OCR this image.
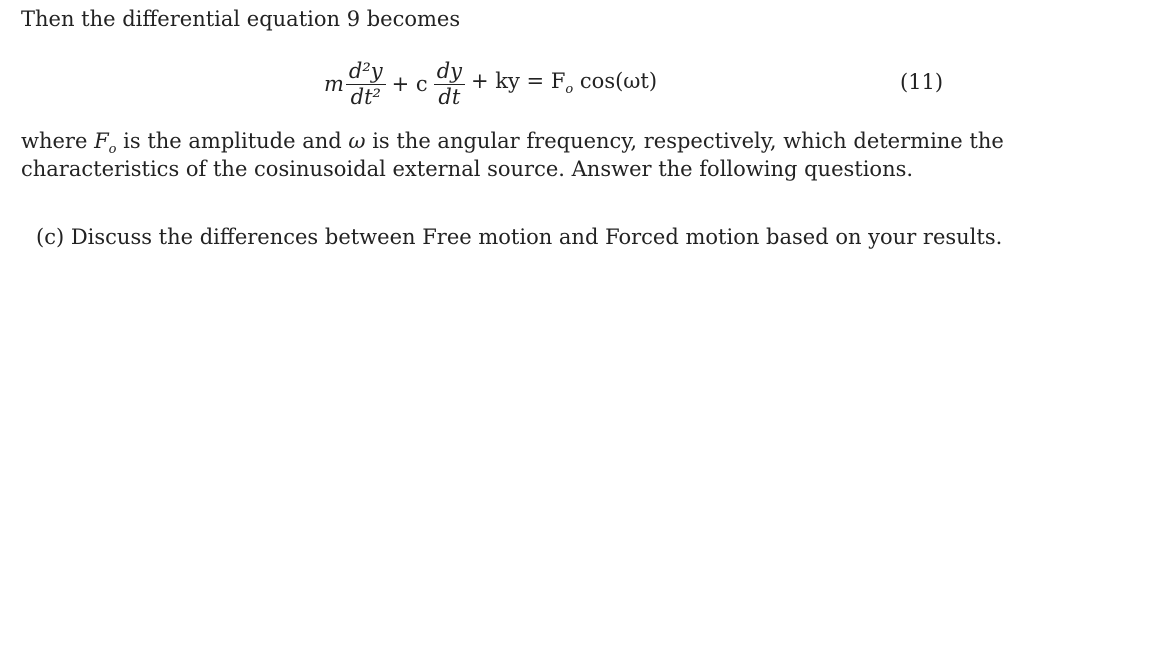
Then the differential equation 9 becomes
m $\frac{\text{d²y}}{\text{dt²}} + c \frac{dy}{dt}$ + ky = $F_o$ cos(ωt)	(11)
where $F_o$ is the amplitude and ω is the angular frequency, respectively, which determine the
characteristics of the cosinusoidal external source. Answer the following questions.
(c) Discuss the differences between Free motion and Forced motion based on your results.
